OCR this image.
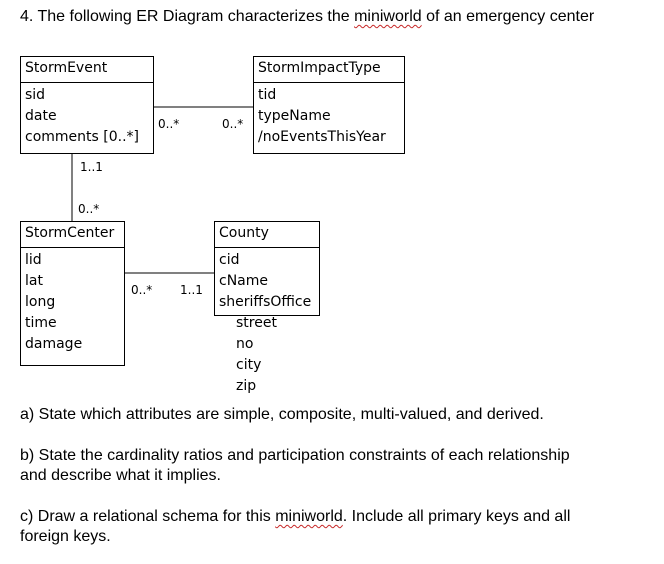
4. The following ER Diagram characterizes the miniworld of an emergency center
StormEvent
sid
date
comments [0..*]
StormImpactType
tid
typeName
/noEventsThisYear
StormCenter
lid
lat
long
time
damage
County
cid
cName
sheriffsOffice
street
no
city
zip
0..*	0..*
1..1
0..*
0..* 1..1
a) State which attributes are simple, composite, multi-valued, and derived.
b) State the cardinality ratios and participation constraints of each relationship
and describe what it implies.
c) Draw a relational schema for this miniworld. Include all primary keys and all
foreign keys.
